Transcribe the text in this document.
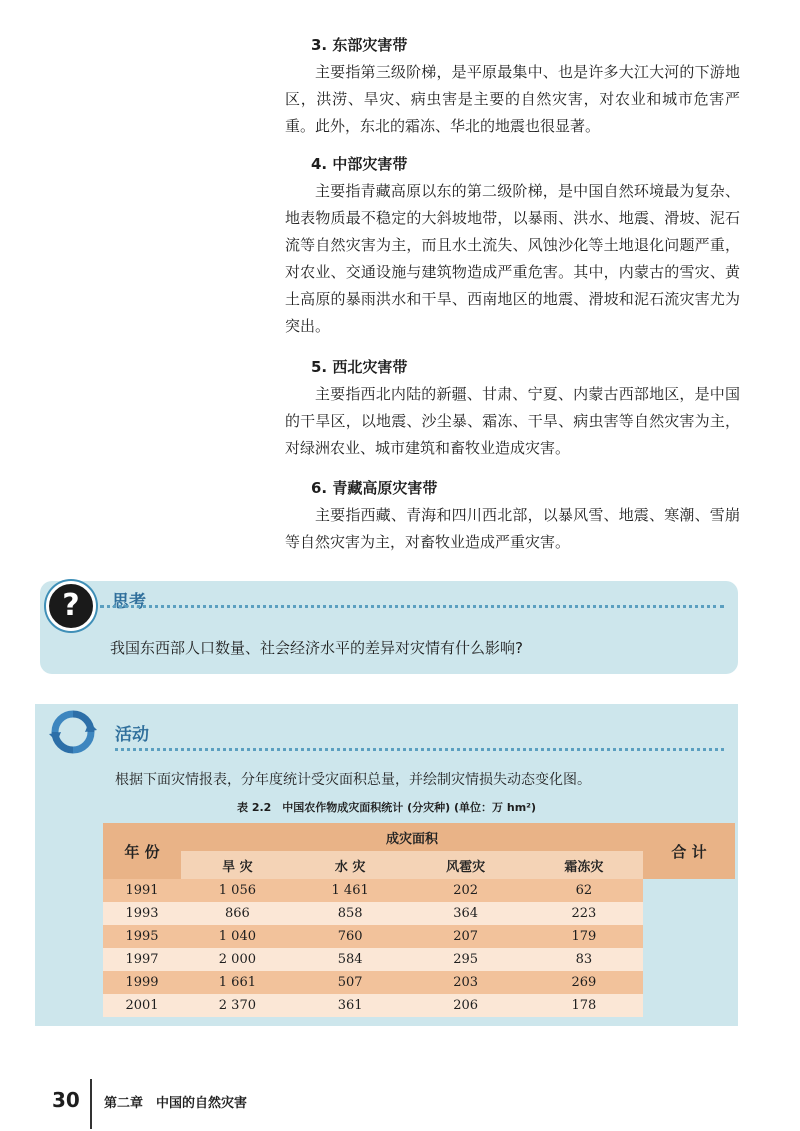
3. 东部灾害带

主要指第三级阶梯，是平原最集中、也是许多大江大河的下游地区，洪涝、旱灾、病虫害是主要的自然灾害，对农业和城市危害严重。此外，东北的霜冻、华北的地震也很显著。

4. 中部灾害带

主要指青藏高原以东的第二级阶梯，是中国自然环境最为复杂、地表物质最不稳定的大斜坡地带，以暴雨、洪水、地震、滑坡、泥石流等自然灾害为主，而且水土流失、风蚀沙化等土地退化问题严重，对农业、交通设施与建筑物造成严重危害。其中，内蒙古的雪灾、黄土高原的暴雨洪水和干旱、西南地区的地震、滑坡和泥石流灾害尤为突出。

5. 西北灾害带

主要指西北内陆的新疆、甘肃、宁夏、内蒙古西部地区，是中国的干旱区，以地震、沙尘暴、霜冻、干旱、病虫害等自然灾害为主，对绿洲农业、城市建筑和畜牧业造成灾害。

6. 青藏高原灾害带

主要指西藏、青海和四川西北部，以暴风雪、地震、寒潮、雪崩等自然灾害为主，对畜牧业造成严重灾害。

?	思考
我国东西部人口数量、社会经济水平的差异对灾情有什么影响?
活动
根据下面灾情报表，分年度统计受灾面积总量，并绘制灾情损失动态变化图。
表 2.2　中国农作物成灾面积统计 (分灾种) (单位：万 hm²)
年 份	成灾面积				合 计
	旱 灾	水 灾	风雹灾	霜冻灾	
1991	1 056	1 461	202	62	
1993	866	858	364	223	
1995	1 040	760	207	179	
1997	2 000	584	295	83	
1999	1 661	507	203	269	
2001	2 370	361	206	178	
30 第二章　中国的自然灾害
